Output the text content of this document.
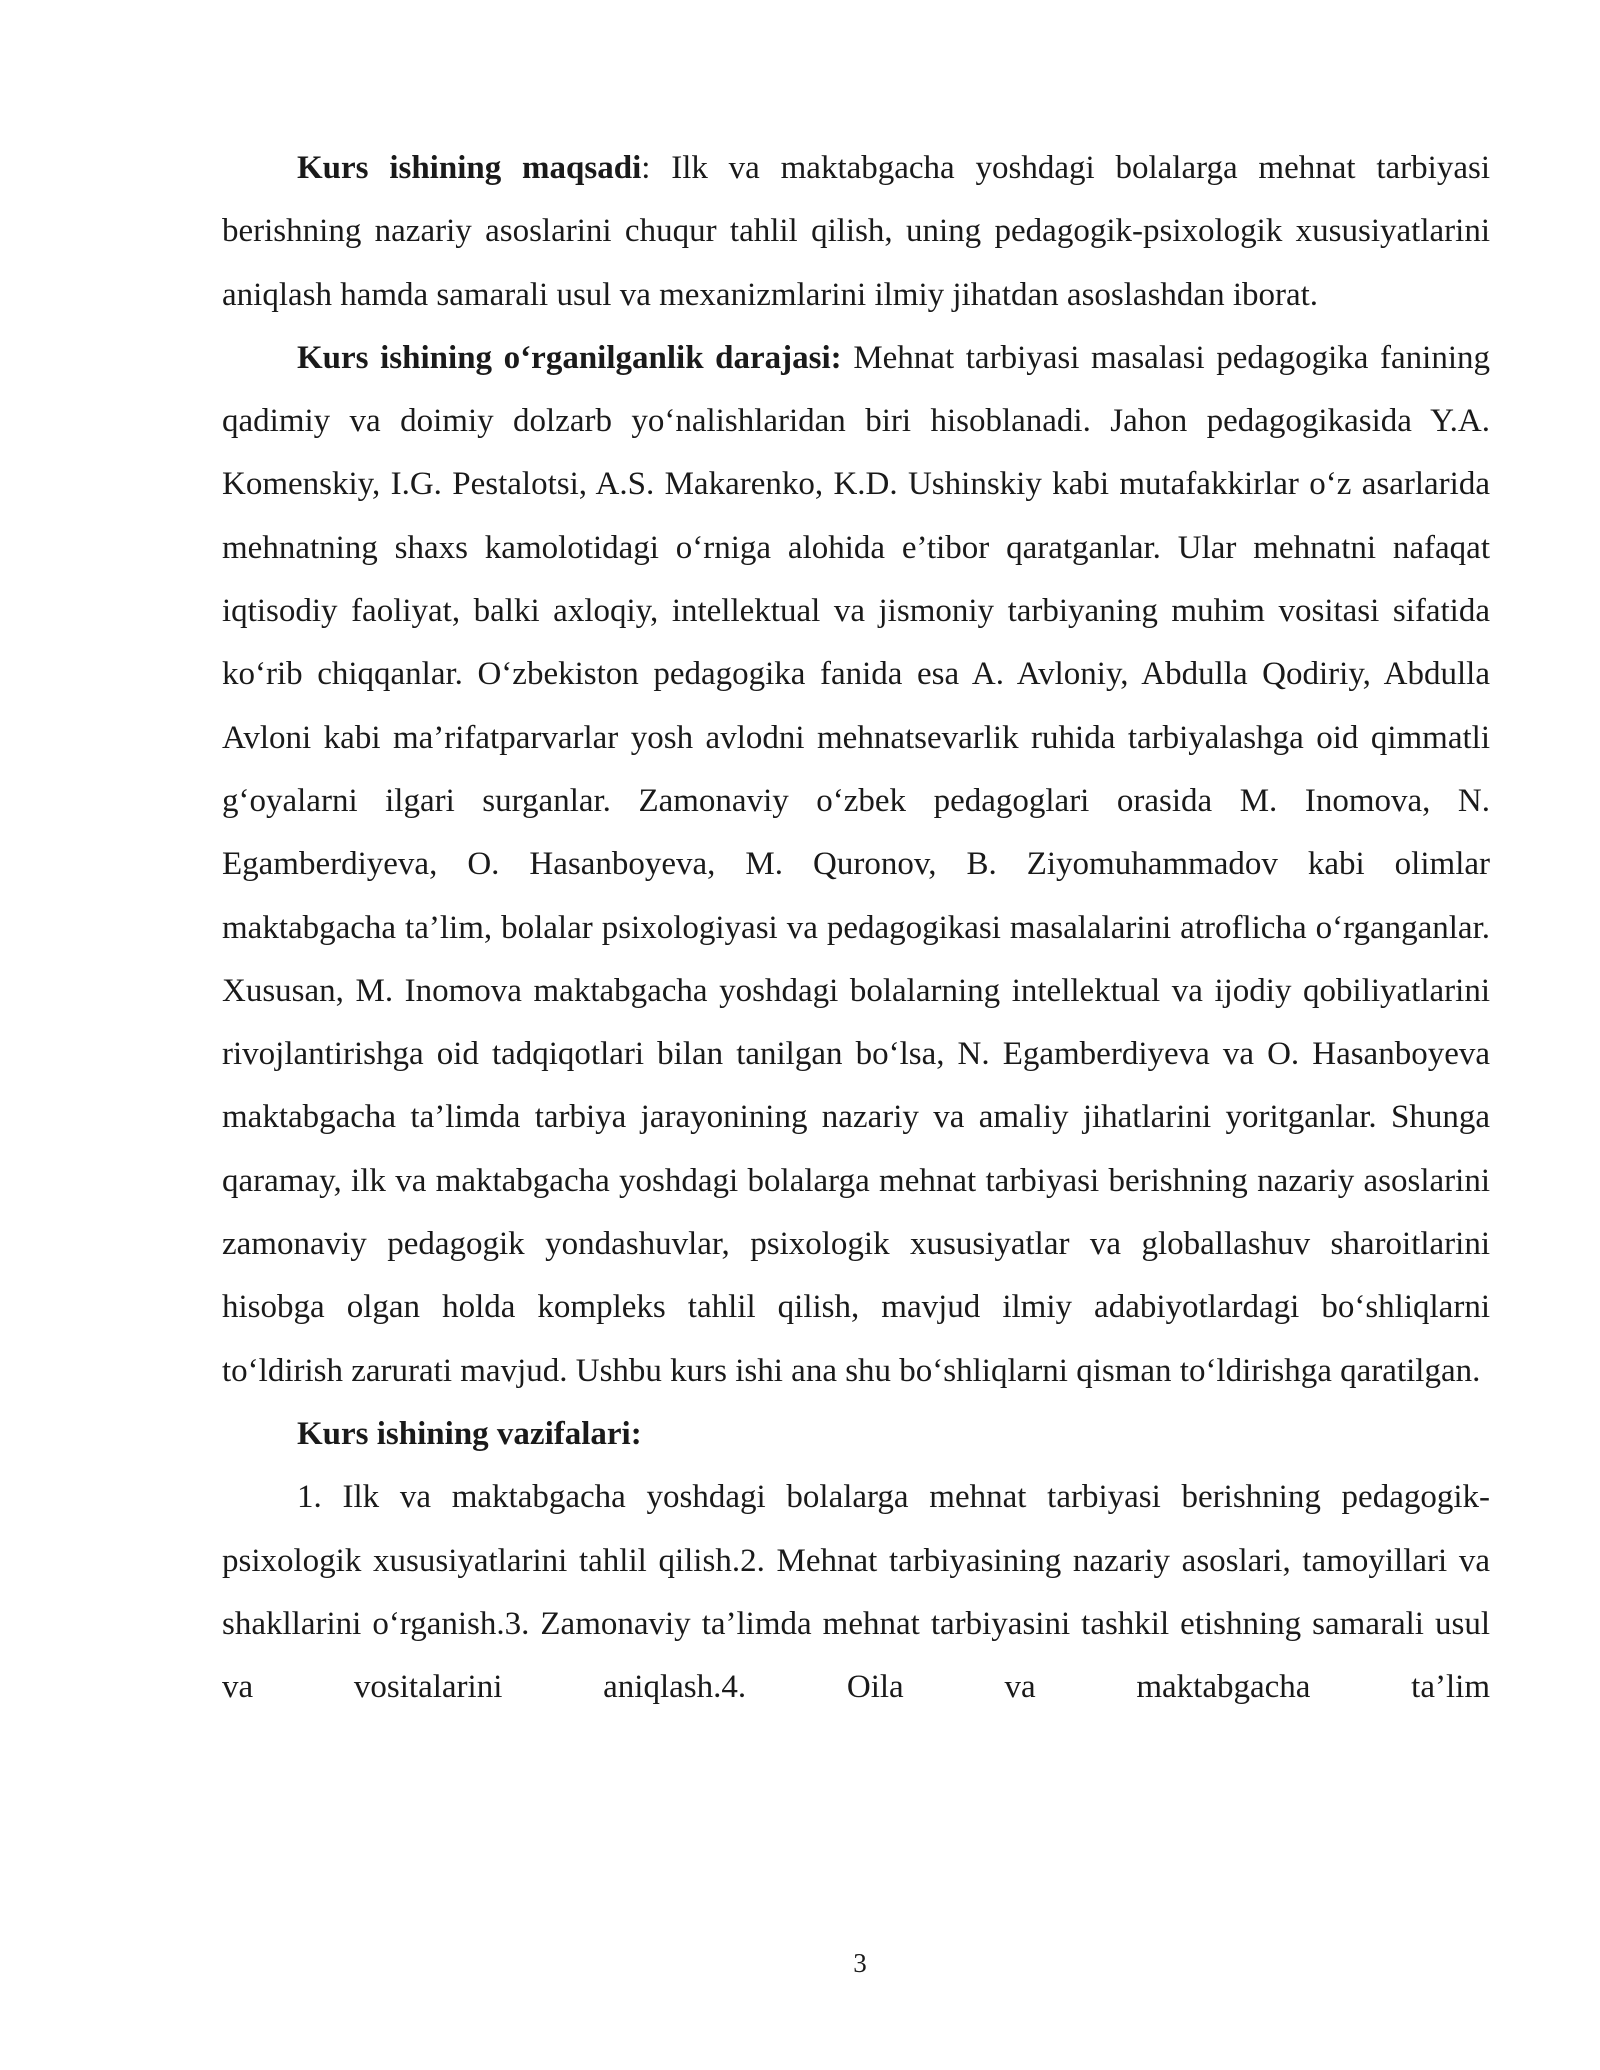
Kurs ishining maqsadi: Ilk va maktabgacha yoshdagi bolalarga mehnat tarbiyasi berishning nazariy asoslarini chuqur tahlil qilish, uning pedagogik-psixologik xususiyatlarini aniqlash hamda samarali usul va mexanizmlarini ilmiy jihatdan asoslashdan iborat.

Kurs ishining o‘rganilganlik darajasi: Mehnat tarbiyasi masalasi pedagogika fanining qadimiy va doimiy dolzarb yo‘nalishlaridan biri hisoblanadi. Jahon pedagogikasida Y.A. Komenskiy, I.G. Pestalotsi, A.S. Makarenko, K.D. Ushinskiy kabi mutafakkirlar o‘z asarlarida mehnatning shaxs kamolotidagi o‘rniga alohida e’tibor qaratganlar. Ular mehnatni nafaqat iqtisodiy faoliyat, balki axloqiy, intellektual va jismoniy tarbiyaning muhim vositasi sifatida ko‘rib chiqqanlar. O‘zbekiston pedagogika fanida esa A. Avloniy, Abdulla Qodiriy, Abdulla Avloni kabi ma’rifatparvarlar yosh avlodni mehnatsevarlik ruhida tarbiyalashga oid qimmatli g‘oyalarni ilgari surganlar. Zamonaviy o‘zbek pedagoglari orasida M. Inomova, N. Egamberdiyeva, O. Hasanboyeva, M. Quronov, B. Ziyomuhammadov kabi olimlar maktabgacha ta’lim, bolalar psixologiyasi va pedagogikasi masalalarini atroflicha o‘rganganlar. Xususan, M. Inomova maktabgacha yoshdagi bolalarning intellektual va ijodiy qobiliyatlarini rivojlantirishga oid tadqiqotlari bilan tanilgan bo‘lsa, N. Egamberdiyeva va O. Hasanboyeva maktabgacha ta’limda tarbiya jarayonining nazariy va amaliy jihatlarini yoritganlar. Shunga qaramay, ilk va maktabgacha yoshdagi bolalarga mehnat tarbiyasi berishning nazariy asoslarini zamonaviy pedagogik yondashuvlar, psixologik xususiyatlar va globallashuv sharoitlarini hisobga olgan holda kompleks tahlil qilish, mavjud ilmiy adabiyotlardagi bo‘shliqlarni to‘ldirish zarurati mavjud. Ushbu kurs ishi ana shu bo‘shliqlarni qisman to‘ldirishga qaratilgan.

Kurs ishining vazifalari:

1. Ilk va maktabgacha yoshdagi bolalarga mehnat tarbiyasi berishning pedagogik-psixologik xususiyatlarini tahlil qilish.2. Mehnat tarbiyasining nazariy asoslari, tamoyillari va shakllarini o‘rganish.3. Zamonaviy ta’limda mehnat tarbiyasini tashkil etishning samarali usul va vositalarini aniqlash.4. Oila va maktabgacha ta’lim

3
